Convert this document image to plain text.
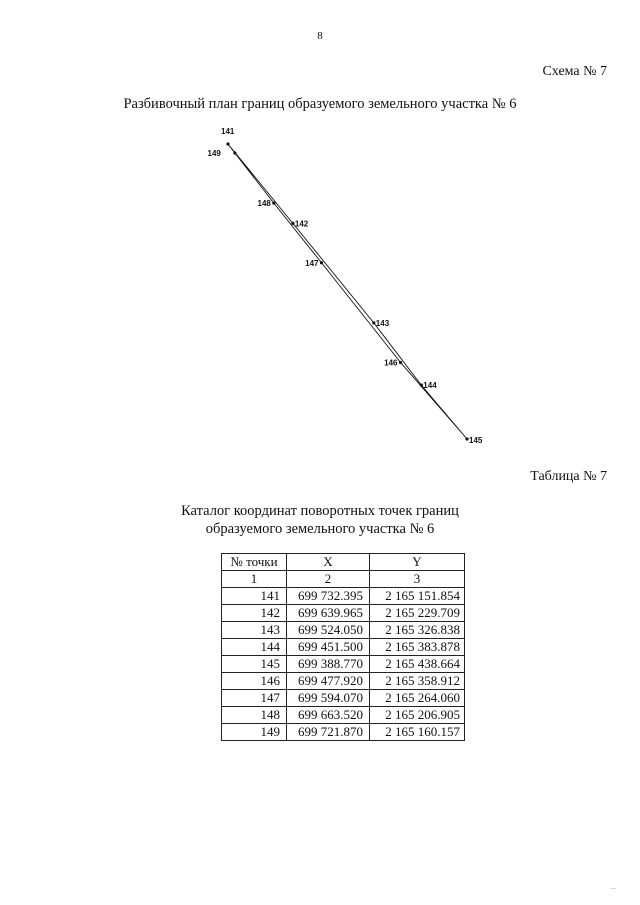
8
Схема № 7
Разбивочный план границ образуемого земельного участка № 6
141
142
143
144
145
146
147
148
149
Таблица № 7
Каталог координат поворотных точек границ
образуемого земельного участка № 6
№ точки	X	Y
1	2	3
141	699 732.395	2 165 151.854
142	699 639.965	2 165 229.709
143	699 524.050	2 165 326.838
144	699 451.500	2 165 383.878
145	699 388.770	2 165 438.664
146	699 477.920	2 165 358.912
147	699 594.070	2 165 264.060
148	699 663.520	2 165 206.905
149	699 721.870	2 165 160.157
...
